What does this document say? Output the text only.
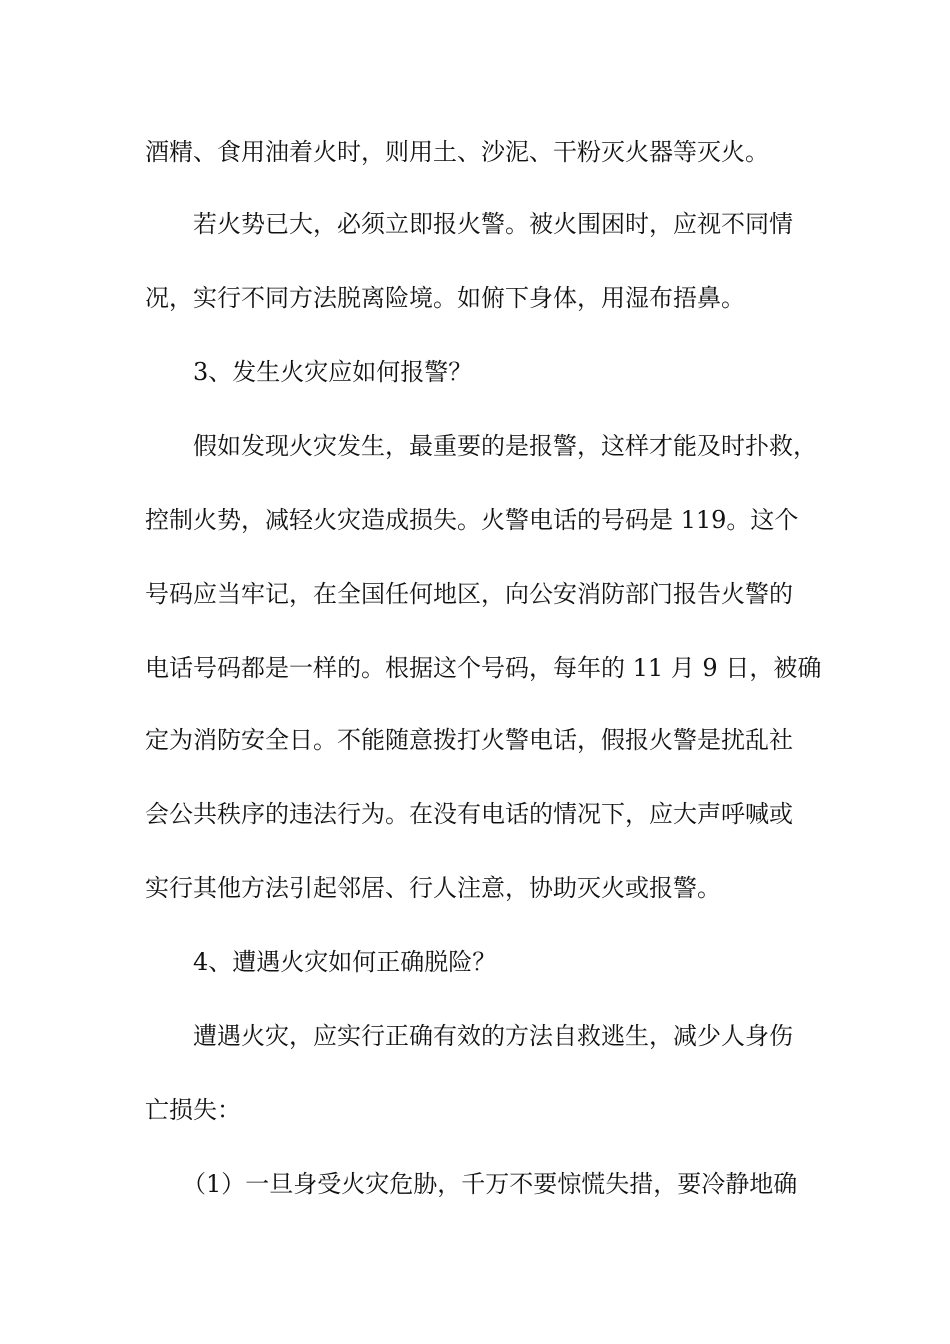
酒精、食用油着火时，则用土、沙泥、干粉灭火器等灭火。
若火势已大，必须立即报火警。被火围困时，应视不同情
况，实行不同方法脱离险境。如俯下身体，用湿布捂鼻。
3、发生火灾应如何报警？
假如发现火灾发生，最重要的是报警，这样才能及时扑救，
控制火势，减轻火灾造成损失。火警电话的号码是 119。这个
号码应当牢记，在全国任何地区，向公安消防部门报告火警的
电话号码都是一样的。根据这个号码，每年的 11 月 9 日，被确
定为消防安全日。不能随意拨打火警电话，假报火警是扰乱社
会公共秩序的违法行为。在没有电话的情况下，应大声呼喊或
实行其他方法引起邻居、行人注意，协助灭火或报警。
4、遭遇火灾如何正确脱险？
遭遇火灾，应实行正确有效的方法自救逃生，减少人身伤
亡损失：
（1）一旦身受火灾危胁，千万不要惊慌失措，要冷静地确
